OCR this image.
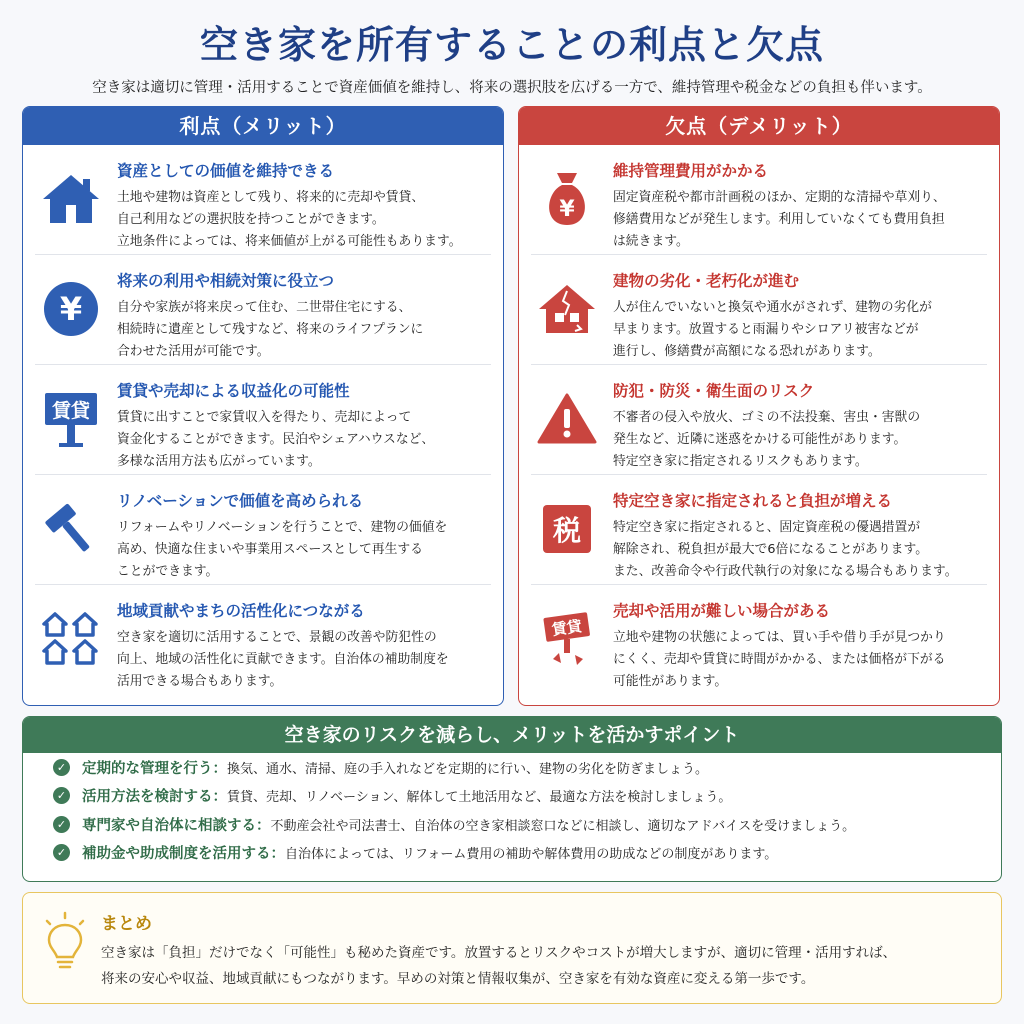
空き家を所有することの利点と欠点
空き家は適切に管理・活用することで資産価値を維持し、将来の選択肢を広げる一方で、維持管理や税金などの負担も伴います。
利点（メリット）
資産としての価値を維持できる
土地や建物は資産として残り、将来的に売却や賃貸、
自己利用などの選択肢を持つことができます。
立地条件によっては、将来価値が上がる可能性もあります。
¥
将来の利用や相続対策に役立つ
自分や家族が将来戻って住む、二世帯住宅にする、
相続時に遺産として残すなど、将来のライフプランに
合わせた活用が可能です。
賃貸
賃貸や売却による収益化の可能性
賃貸に出すことで家賃収入を得たり、売却によって
資金化することができます。民泊やシェアハウスなど、
多様な活用方法も広がっています。
リノベーションで価値を高められる
リフォームやリノベーションを行うことで、建物の価値を
高め、快適な住まいや事業用スペースとして再生する
ことができます。
地域貢献やまちの活性化につながる
空き家を適切に活用することで、景観の改善や防犯性の
向上、地域の活性化に貢献できます。自治体の補助制度を
活用できる場合もあります。
欠点（デメリット）
¥
維持管理費用がかかる
固定資産税や都市計画税のほか、定期的な清掃や草刈り、
修繕費用などが発生します。利用していなくても費用負担
は続きます。
建物の劣化・老朽化が進む
人が住んでいないと換気や通水がされず、建物の劣化が
早まります。放置すると雨漏りやシロアリ被害などが
進行し、修繕費が高額になる恐れがあります。
防犯・防災・衛生面のリスク
不審者の侵入や放火、ゴミの不法投棄、害虫・害獣の
発生など、近隣に迷惑をかける可能性があります。
特定空き家に指定されるリスクもあります。
税
特定空き家に指定されると負担が増える
特定空き家に指定されると、固定資産税の優遇措置が
解除され、税負担が最大で6倍になることがあります。
また、改善命令や行政代執行の対象になる場合もあります。
賃貸
売却や活用が難しい場合がある
立地や建物の状態によっては、買い手や借り手が見つかり
にくく、売却や賃貸に時間がかかる、または価格が下がる
可能性があります。
空き家のリスクを減らし、メリットを活かすポイント
✓ 定期的な管理を行う： 換気、通水、清掃、庭の手入れなどを定期的に行い、建物の劣化を防ぎましょう。
✓ 活用方法を検討する： 賃貸、売却、リノベーション、解体して土地活用など、最適な方法を検討しましょう。
✓ 専門家や自治体に相談する： 不動産会社や司法書士、自治体の空き家相談窓口などに相談し、適切なアドバイスを受けましょう。
✓ 補助金や助成制度を活用する： 自治体によっては、リフォーム費用の補助や解体費用の助成などの制度があります。
まとめ
空き家は「負担」だけでなく「可能性」も秘めた資産です。放置するとリスクやコストが増大しますが、適切に管理・活用すれば、
将来の安心や収益、地域貢献にもつながります。早めの対策と情報収集が、空き家を有効な資産に変える第一歩です。
